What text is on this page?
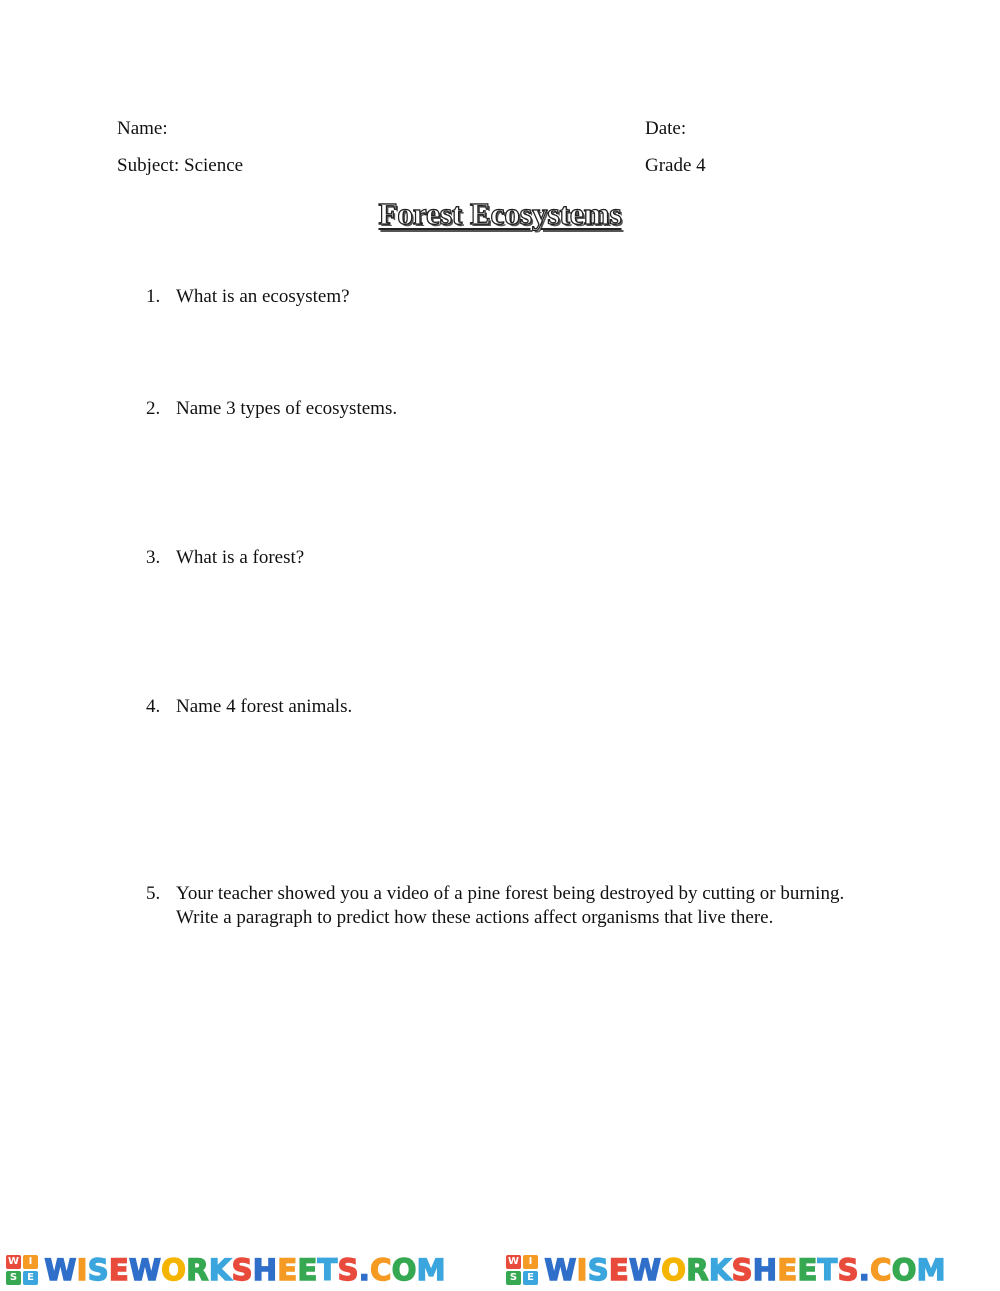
Name:	Date:
Subject: Science	Grade 4
Forest Ecosystems
1. What is an ecosystem?
2. Name 3 types of ecosystems.
3. What is a forest?
4. Name 4 forest animals.
5. Your teacher showed you a video of a pine forest being destroyed by cutting or burning.
Write a paragraph to predict how these actions affect organisms that live there.
W I
S E W I S E W O R K S H E E T S . C O M	W I
S E W I S E W O R K S H E E T S . C O M
